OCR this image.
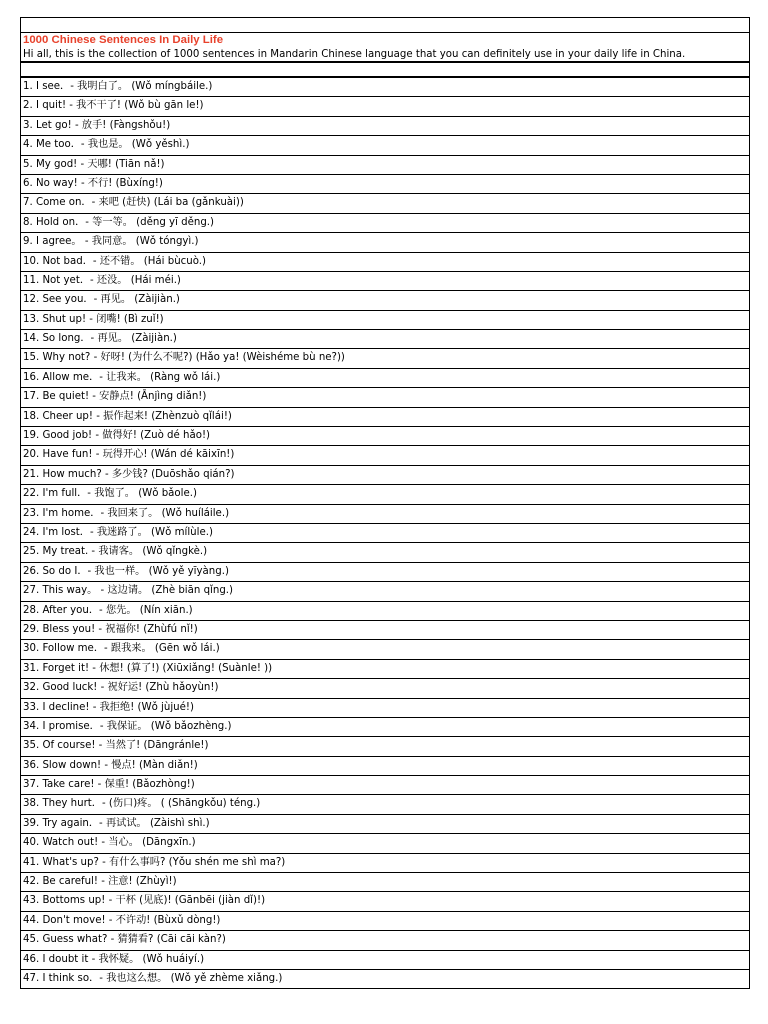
1000 Chinese Sentences In Daily Life
Hi all, this is the collection of 1000 sentences in Mandarin Chinese language that you can definitely use in your daily life in China.
1. I see．- 我明白了。 (Wǒ míngbáile.)
2. I quit! - 我不干了! (Wǒ bù gān le!)
3. Let go! - 放手! (Fàngshǒu!)
4. Me too．- 我也是。 (Wǒ yěshì.)
5. My god! - 天哪! (Tiān nǎ!)
6. No way! - 不行! (Bùxíng!)
7. Come on．- 来吧 (赶快) (Lái ba (gǎnkuài))
8. Hold on．- 等一等。 (děng yī děng.)
9. I agree。 - 我同意。 (Wǒ tóngyì.)
10. Not bad．- 还不错。 (Hái bùcuò.)
11. Not yet．- 还没。 (Hái méi.)
12. See you．- 再见。 (Zàijiàn.)
13. Shut up! - 闭嘴! (Bì zuǐ!)
14. So long．- 再见。 (Zàijiàn.)
15. Why not? - 好呀! (为什么不呢?) (Hǎo ya! (Wèishéme bù ne?))
16. Allow me．- 让我来。 (Ràng wǒ lái.)
17. Be quiet! - 安静点! (Ānjìng diǎn!)
18. Cheer up! - 振作起来! (Zhènzuò qǐlái!)
19. Good job! - 做得好! (Zuò dé hǎo!)
20. Have fun! - 玩得开心! (Wán dé kāixīn!)
21. How much? - 多少钱? (Duōshǎo qián?)
22. I'm full．- 我饱了。 (Wǒ bǎole.)
23. I'm home．- 我回来了。 (Wǒ huíláile.)
24. I'm lost．- 我迷路了。 (Wǒ mílùle.)
25. My treat. - 我请客。 (Wǒ qǐngkè.)
26. So do I．- 我也一样。 (Wǒ yě yīyàng.)
27. This way。 - 这边请。 (Zhè biān qǐng.)
28. After you．- 您先。 (Nín xiān.)
29. Bless you! - 祝福你! (Zhùfú nǐ!)
30. Follow me．- 跟我来。 (Gēn wǒ lái.)
31. Forget it! - 休想! (算了!) (Xiūxiǎng! (Suànle! ))
32. Good luck! - 祝好运! (Zhù hǎoyùn!)
33. I decline! - 我拒绝! (Wǒ jùjué!)
34. I promise．- 我保证。 (Wǒ bǎozhèng.)
35. Of course! - 当然了! (Dāngránle!)
36. Slow down! - 慢点! (Màn diǎn!)
37. Take care! - 保重! (Bǎozhòng!)
38. They hurt．- (伤口)疼。 ( (Shāngkǒu) téng.)
39. Try again．- 再试试。 (Zàishì shì.)
40. Watch out! - 当心。 (Dāngxīn.)
41. What's up? - 有什么事吗? (Yǒu shén me shì ma?)
42. Be careful! - 注意! (Zhùyì!)
43. Bottoms up! - 干杯 (见底)! (Gānbēi (jiàn dǐ)!)
44. Don't move! - 不许动! (Bùxǔ dòng!)
45. Guess what? - 猜猜看? (Cāi cāi kàn?)
46. I doubt it - 我怀疑。 (Wǒ huáiyí.)
47. I think so．- 我也这么想。 (Wǒ yě zhème xiǎng.)
